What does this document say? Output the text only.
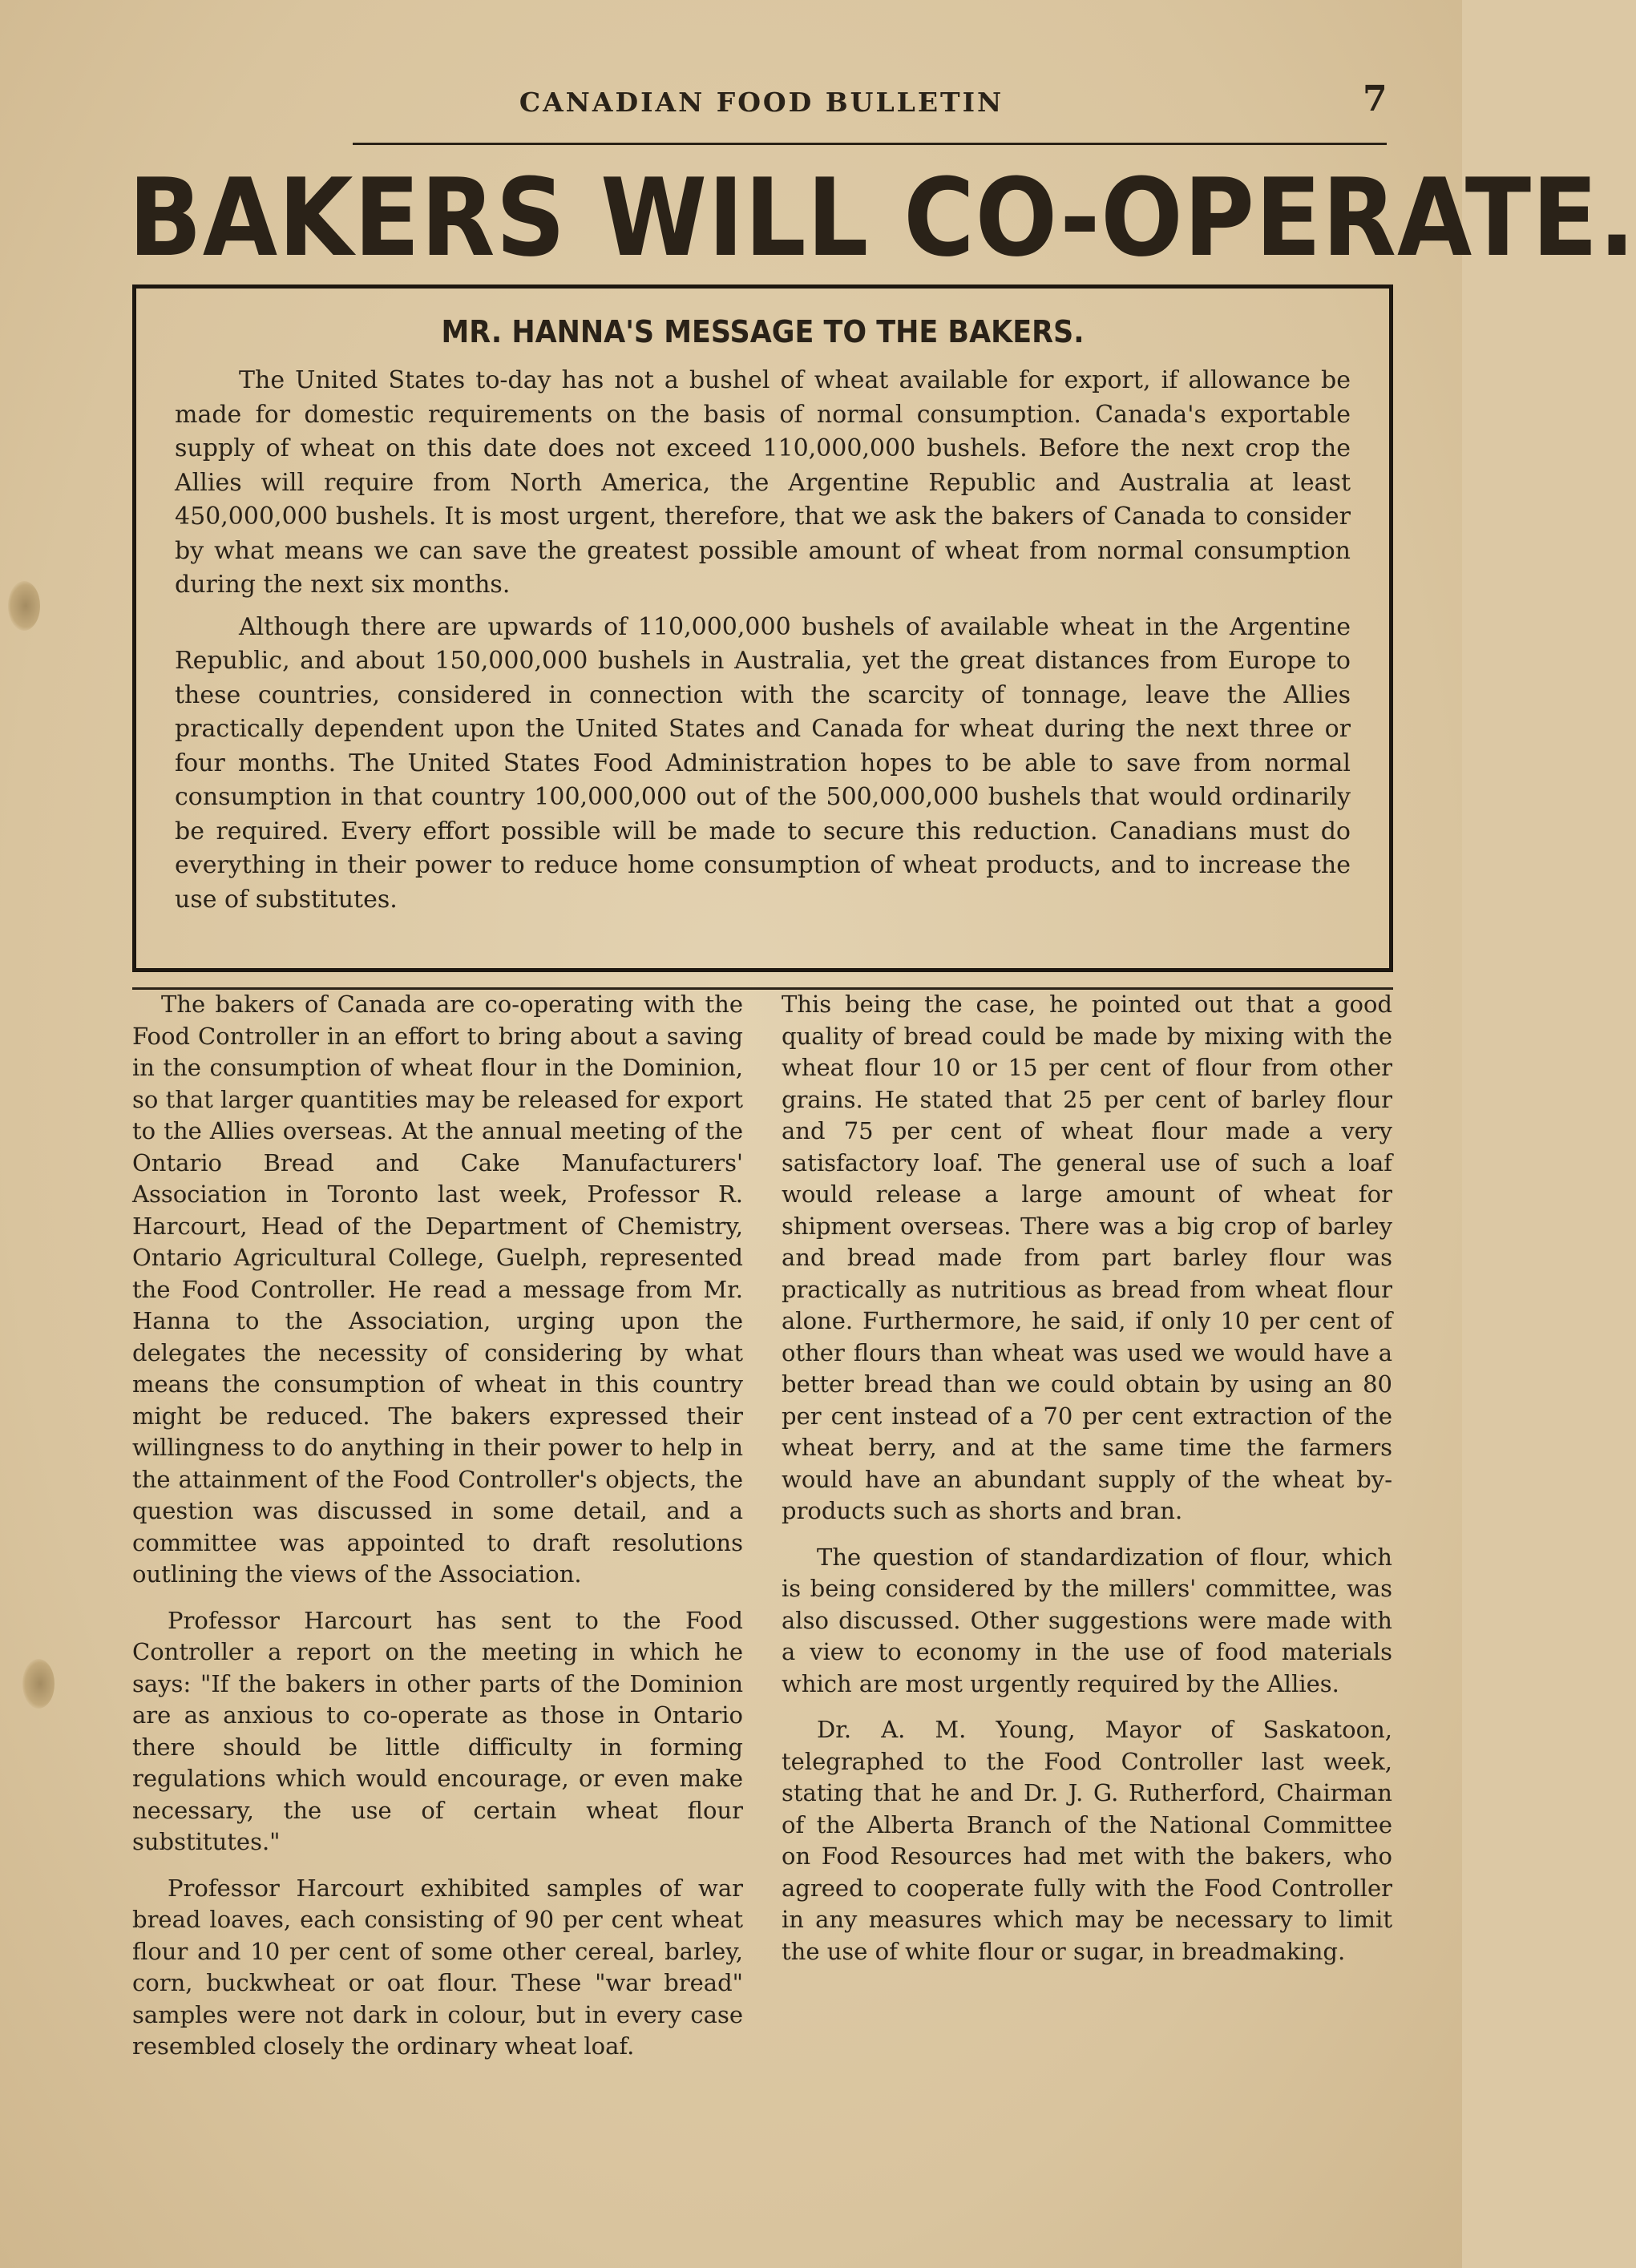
CANADIAN FOOD BULLETIN	7
BAKERS WILL CO-OPERATE.
MR. HANNA'S MESSAGE TO THE BAKERS.

The United States to-day has not a bushel of wheat available for export, if allowance be made for domestic requirements on the basis of normal consumption. Canada's exportable supply of wheat on this date does not exceed 110,000,000 bushels. Before the next crop the Allies will require from North America, the Argentine Republic and Australia at least 450,000,000 bushels. It is most urgent, therefore, that we ask the bakers of Canada to consider by what means we can save the greatest possible amount of wheat from normal consumption during the next six months.

Although there are upwards of 110,000,000 bushels of available wheat in the Argentine Republic, and about 150,000,000 bushels in Australia, yet the great distances from Europe to these countries, considered in connection with the scarcity of tonnage, leave the Allies practically dependent upon the United States and Canada for wheat during the next three or four months. The United States Food Administration hopes to be able to save from normal consumption in that country 100,000,000 out of the 500,000,000 bushels that would ordinarily be required. Every effort possible will be made to secure this reduction. Canadians must do everything in their power to reduce home consumption of wheat products, and to increase the use of substitutes.

The bakers of Canada are co-operating with the Food Controller in an effort to bring about a saving in the consumption of wheat flour in the Dominion, so that larger quantities may be released for export to the Allies overseas. At the annual meeting of the Ontario Bread and Cake Manufacturers' Association in Toronto last week, Professor R. Harcourt, Head of the Department of Chemistry, Ontario Agricultural College, Guelph, represented the Food Controller. He read a message from Mr. Hanna to the Association, urging upon the delegates the necessity of considering by what means the consumption of wheat in this country might be reduced. The bakers expressed their willingness to do anything in their power to help in the attainment of the Food Controller's objects, the question was discussed in some detail, and a committee was appointed to draft resolutions outlining the views of the Association.

Professor Harcourt has sent to the Food Controller a report on the meeting in which he says: "If the bakers in other parts of the Dominion are as anxious to co-operate as those in Ontario there should be little difficulty in forming regulations which would encourage, or even make necessary, the use of certain wheat flour substitutes."

Professor Harcourt exhibited samples of war bread loaves, each consisting of 90 per cent wheat flour and 10 per cent of some other cereal, barley, corn, buckwheat or oat flour. These "war bread" samples were not dark in colour, but in every case resembled closely the ordinary wheat loaf.

This being the case, he pointed out that a good quality of bread could be made by mixing with the wheat flour 10 or 15 per cent of flour from other grains. He stated that 25 per cent of barley flour and 75 per cent of wheat flour made a very satisfactory loaf. The general use of such a loaf would release a large amount of wheat for shipment overseas. There was a big crop of barley and bread made from part barley flour was practically as nutritious as bread from wheat flour alone. Furthermore, he said, if only 10 per cent of other flours than wheat was used we would have a better bread than we could obtain by using an 80 per cent instead of a 70 per cent extraction of the wheat berry, and at the same time the farmers would have an abundant supply of the wheat by-products such as shorts and bran.

The question of standardization of flour, which is being considered by the millers' committee, was also discussed. Other suggestions were made with a view to economy in the use of food materials which are most urgently required by the Allies.

Dr. A. M. Young, Mayor of Saskatoon, telegraphed to the Food Controller last week, stating that he and Dr. J. G. Rutherford, Chairman of the Alberta Branch of the National Committee on Food Resources had met with the bakers, who agreed to cooperate fully with the Food Controller in any measures which may be necessary to limit the use of white flour or sugar, in breadmaking.
